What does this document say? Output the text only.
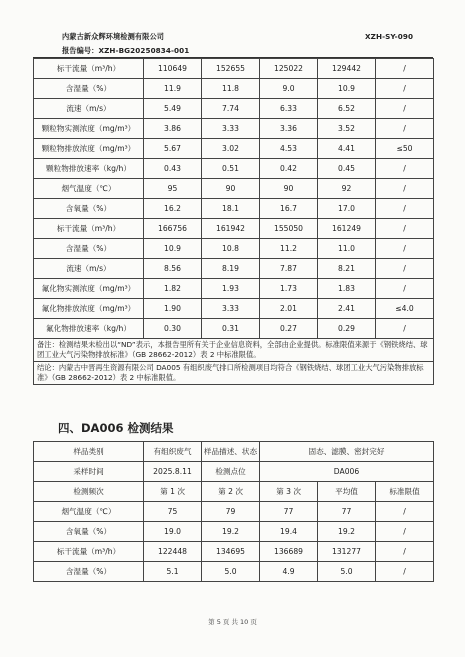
内蒙古新众辉环境检测有限公司	XZH-SY-090
报告编号：XZH-BG20250834-001
标干流量（m³/h）	110649	152655	125022	129442	/
含湿量（%）	11.9	11.8	9.0	10.9	/
流速（m/s）	5.49	7.74	6.33	6.52	/
颗粒物实测浓度（mg/m³）	3.86	3.33	3.36	3.52	/
颗粒物排放浓度（mg/m³）	5.67	3.02	4.53	4.41	≤50
颗粒物排放速率（kg/h）	0.43	0.51	0.42	0.45	/
烟气温度（℃）	95	90	90	92	/
含氧量（%）	16.2	18.1	16.7	17.0	/
标干流量（m³/h）	166756	161942	155050	161249	/
含湿量（%）	10.9	10.8	11.2	11.0	/
流速（m/s）	8.56	8.19	7.87	8.21	/
氟化物实测浓度（mg/m³）	1.82	1.93	1.73	1.83	/
氟化物排放浓度（mg/m³）	1.90	3.33	2.01	2.41	≤4.0
氟化物排放速率（kg/h）	0.30	0.31	0.27	0.29	/
备注：检测结果未检出以“ND”表示，本报告里所有关于企业信息资料，全部由企业提供。标准限值来源于《钢铁烧结、球团工业大气污染物排放标准》（GB 28662-2012）表 2 中标准限值。					
结论：内蒙古中晋再生资源有限公司 DA005 有组织废气排口所检测项目均符合《钢铁烧结、球团工业大气污染物排放标准》（GB 28662-2012）表 2 中标准限值。					
四、DA006 检测结果
样品类别	有组织废气	样品描述、状态	固态、滤膜、密封完好		
采样时间	2025.8.11	检测点位	DA006		
检测频次	第 1 次	第 2 次	第 3 次	平均值	标准限值
烟气温度（℃）	75	79	77	77	/
含氧量（%）	19.0	19.2	19.4	19.2	/
标干流量（m³/h）	122448	134695	136689	131277	/
含湿量（%）	5.1	5.0	4.9	5.0	/
第 5 页 共 10 页
